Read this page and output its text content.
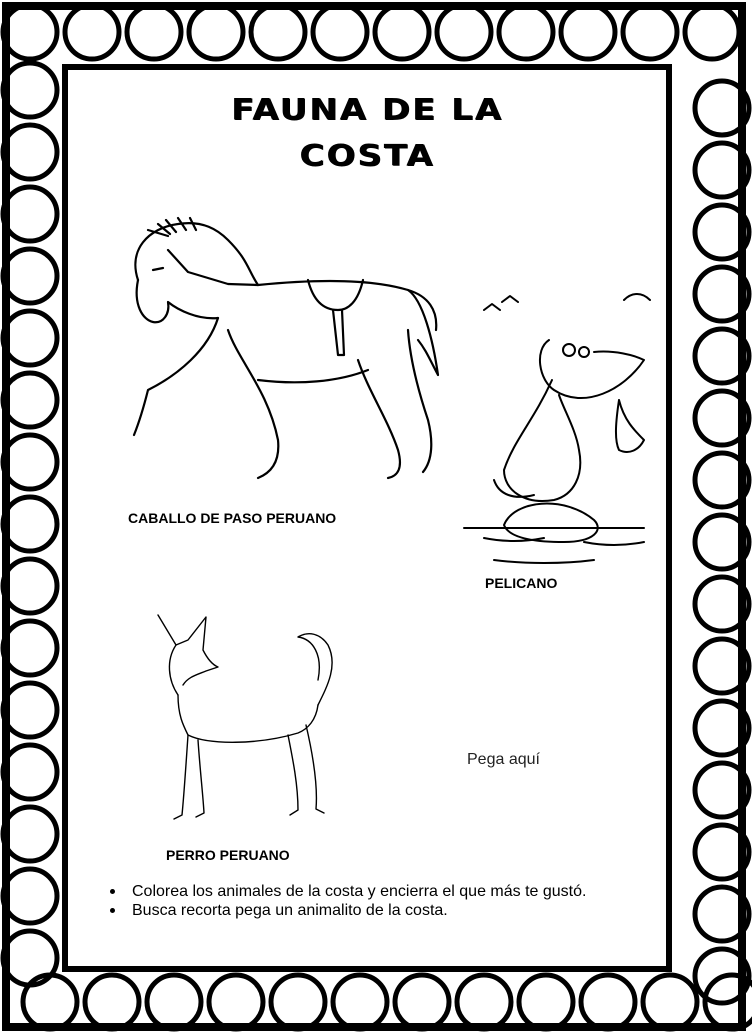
FAUNA DE LA
COSTA
CABALLO DE PASO PERUANO
PELICANO
PERRO PERUANO
Pega aquí
Colorea los animales de la costa y encierra el que más te gustó.
Busca recorta pega un animalito de la costa.
